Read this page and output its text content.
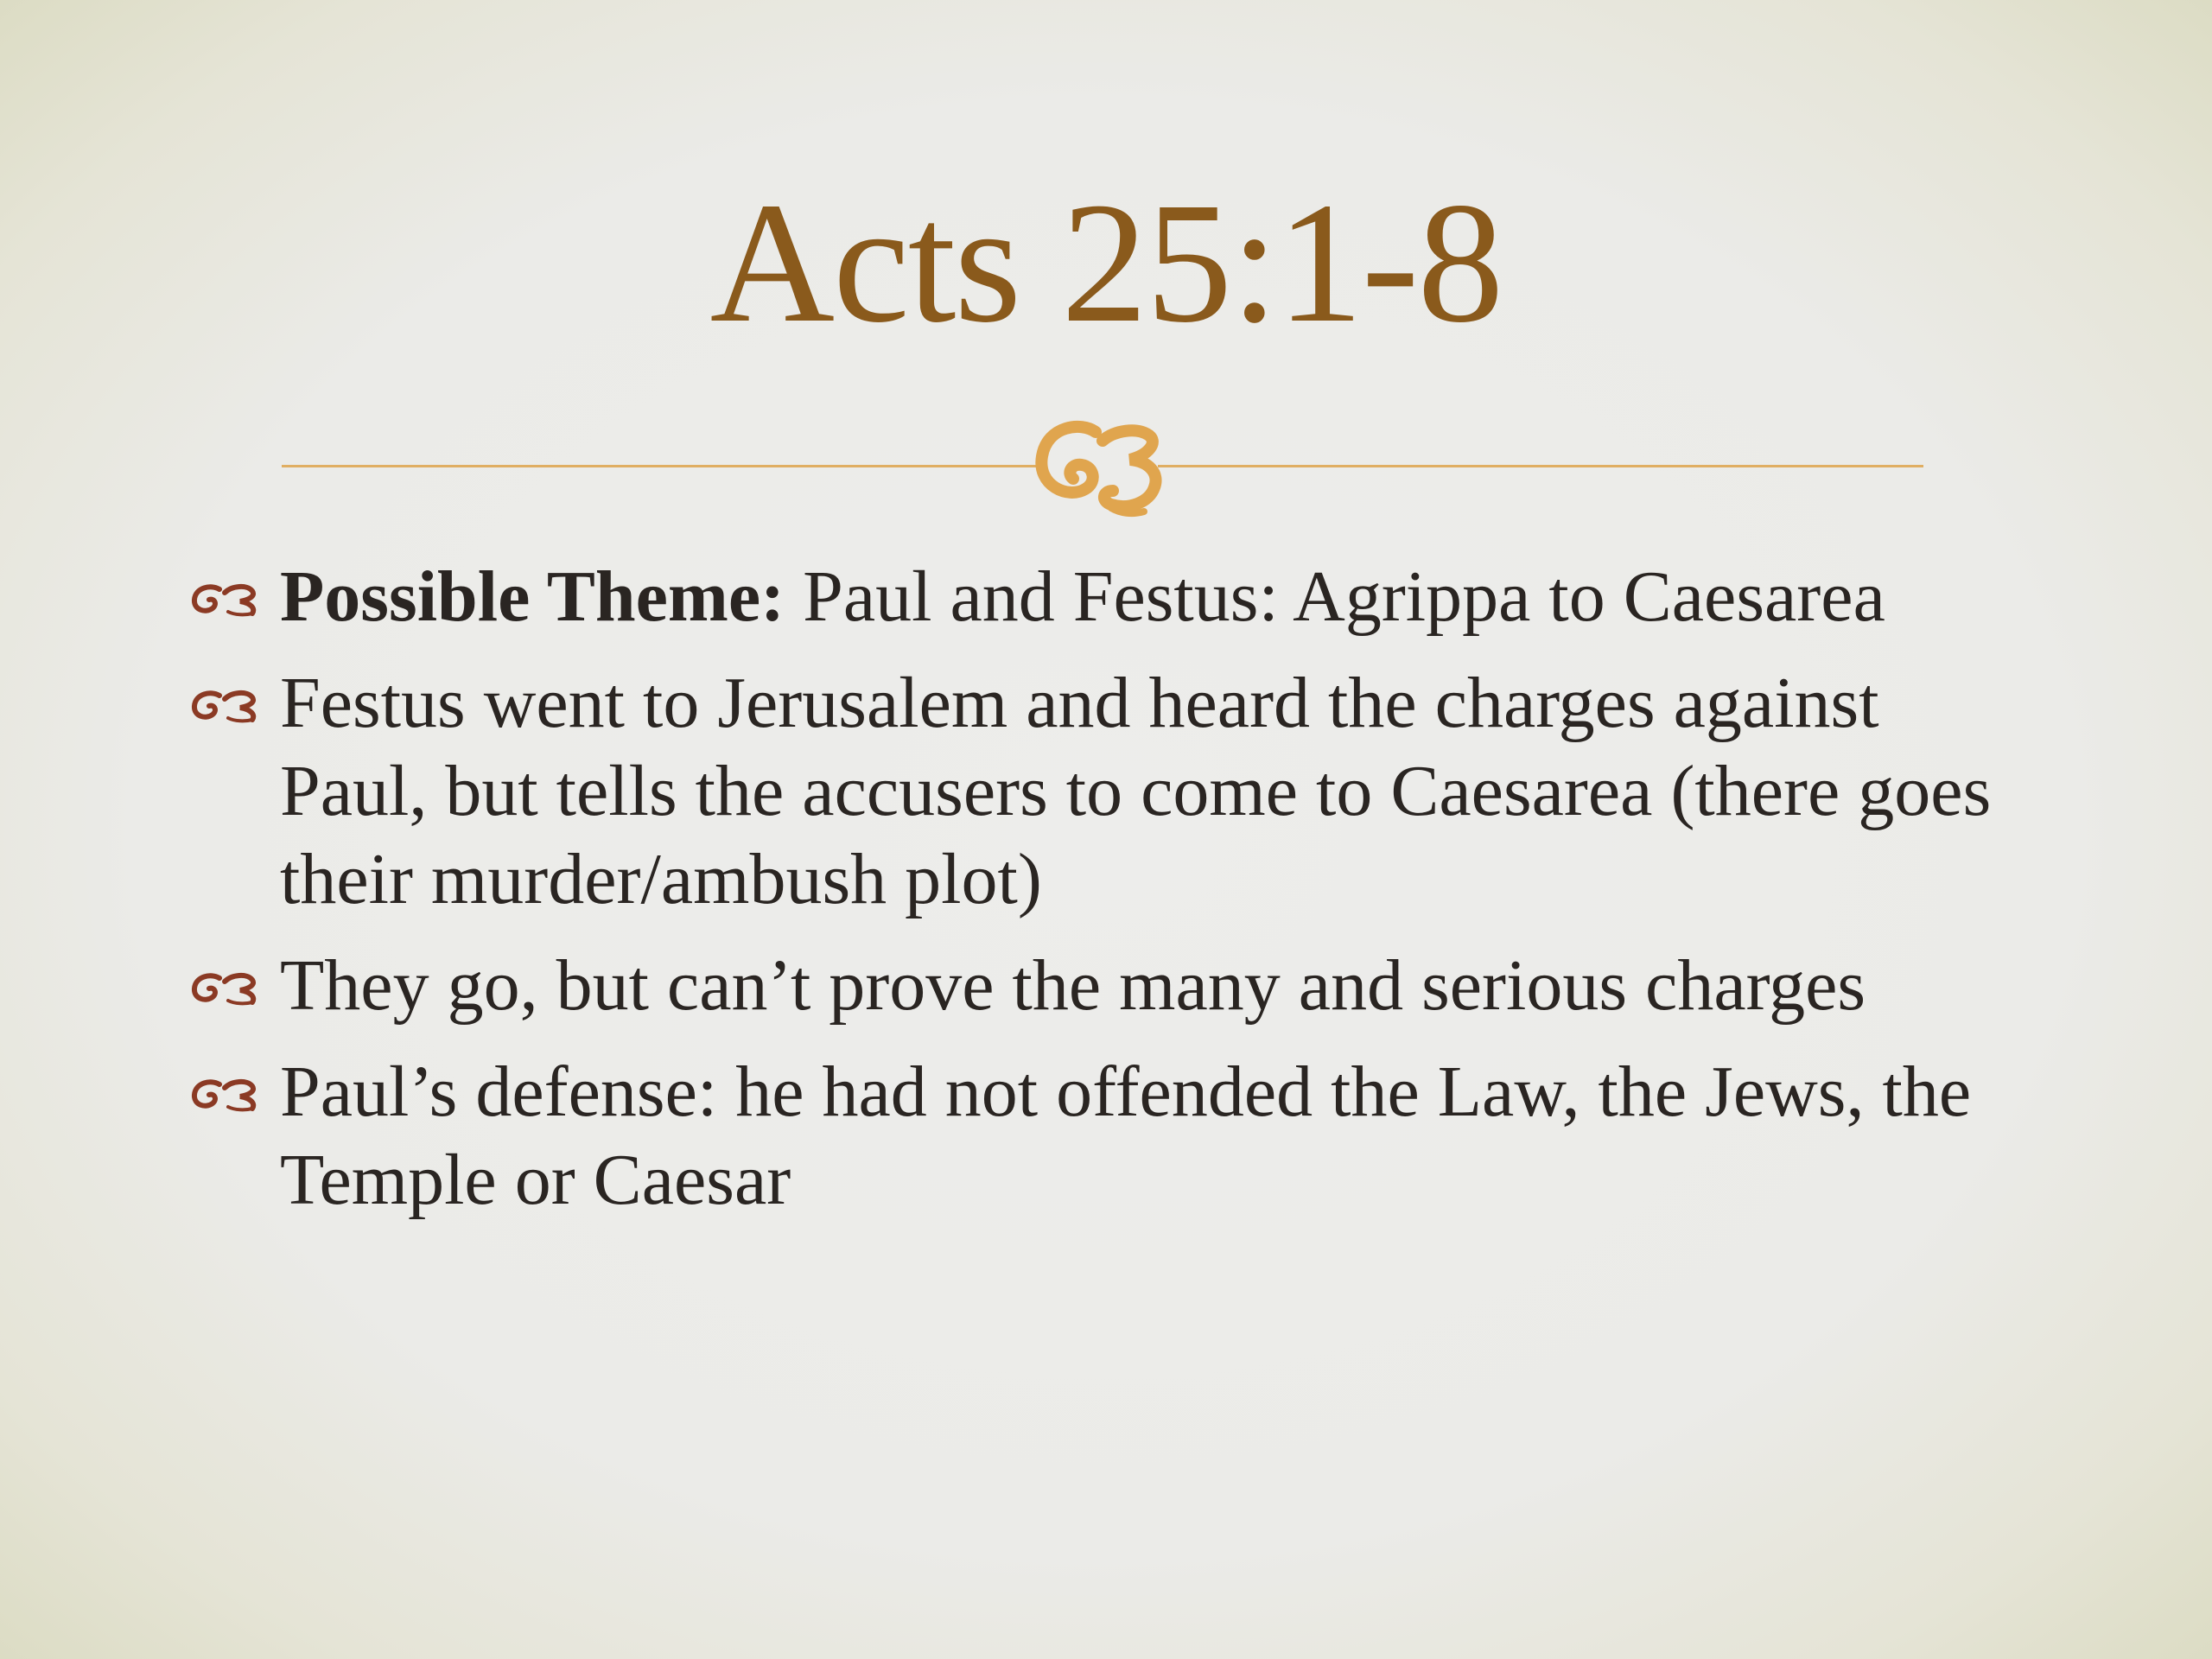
Acts 25:1-8
Possible Theme: Paul and Festus: Agrippa to Caesarea
Festus went to Jerusalem and heard the charges against Paul, but tells the accusers to come to Caesarea (there goes their murder/ambush plot)
They go, but can’t prove the many and serious charges
Paul’s defense: he had not offended the Law, the Jews, the Temple or Caesar
